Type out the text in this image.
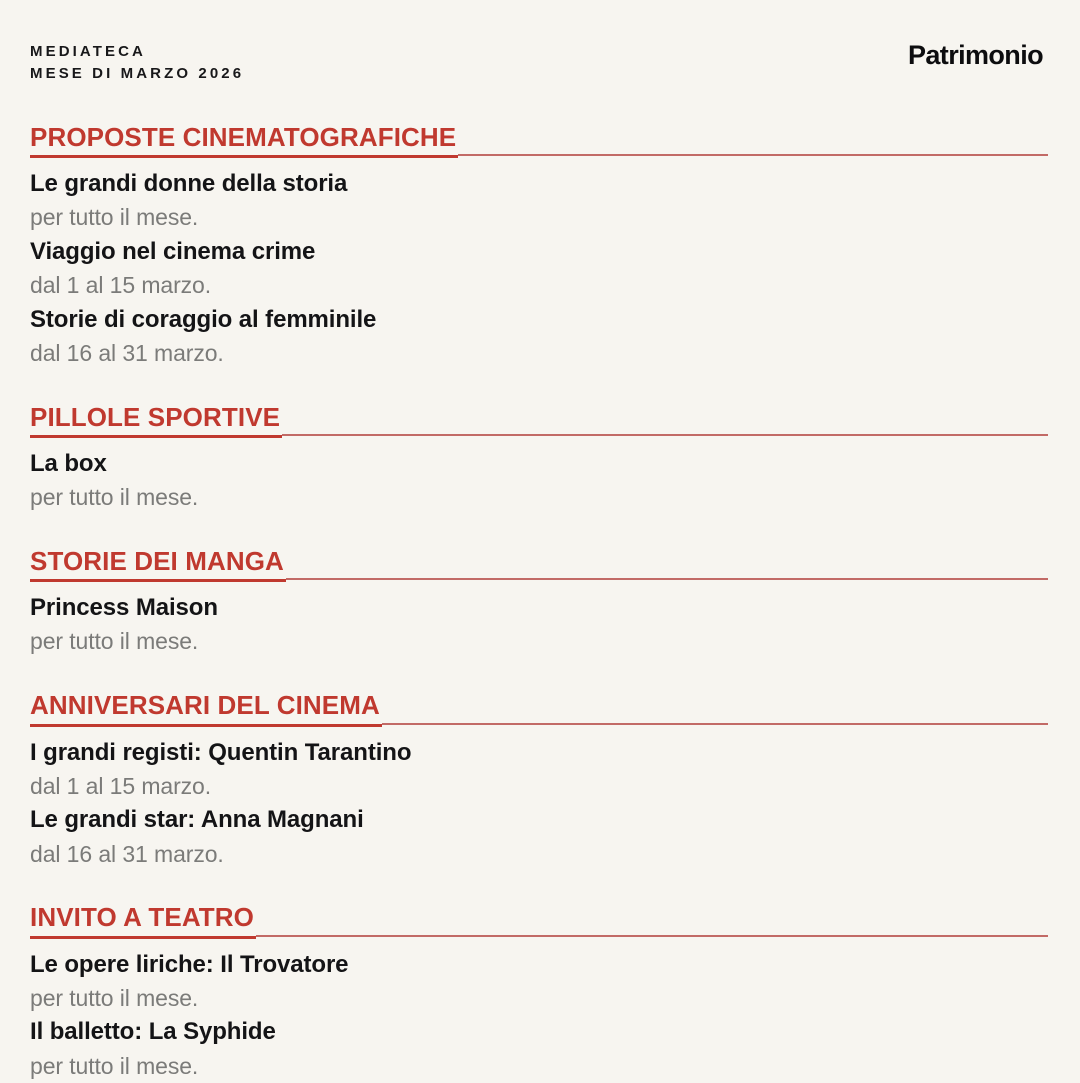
MEDIATECA
MESE DI MARZO 2026
Patrimonio
PROPOSTE CINEMATOGRAFICHE
Le grandi donne della storia
per tutto il mese.
Viaggio nel cinema crime
dal 1 al 15 marzo.
Storie di coraggio al femminile
dal 16 al 31 marzo.
PILLOLE SPORTIVE
La box
per tutto il mese.
STORIE DEI MANGA
Princess Maison
per tutto il mese.
ANNIVERSARI DEL CINEMA
I grandi registi: Quentin Tarantino
dal 1 al 15 marzo.
Le grandi star: Anna Magnani
dal 16 al 31 marzo.
INVITO A TEATRO
Le opere liriche: Il Trovatore
per tutto il mese.
Il balletto: La Syphide
per tutto il mese.
